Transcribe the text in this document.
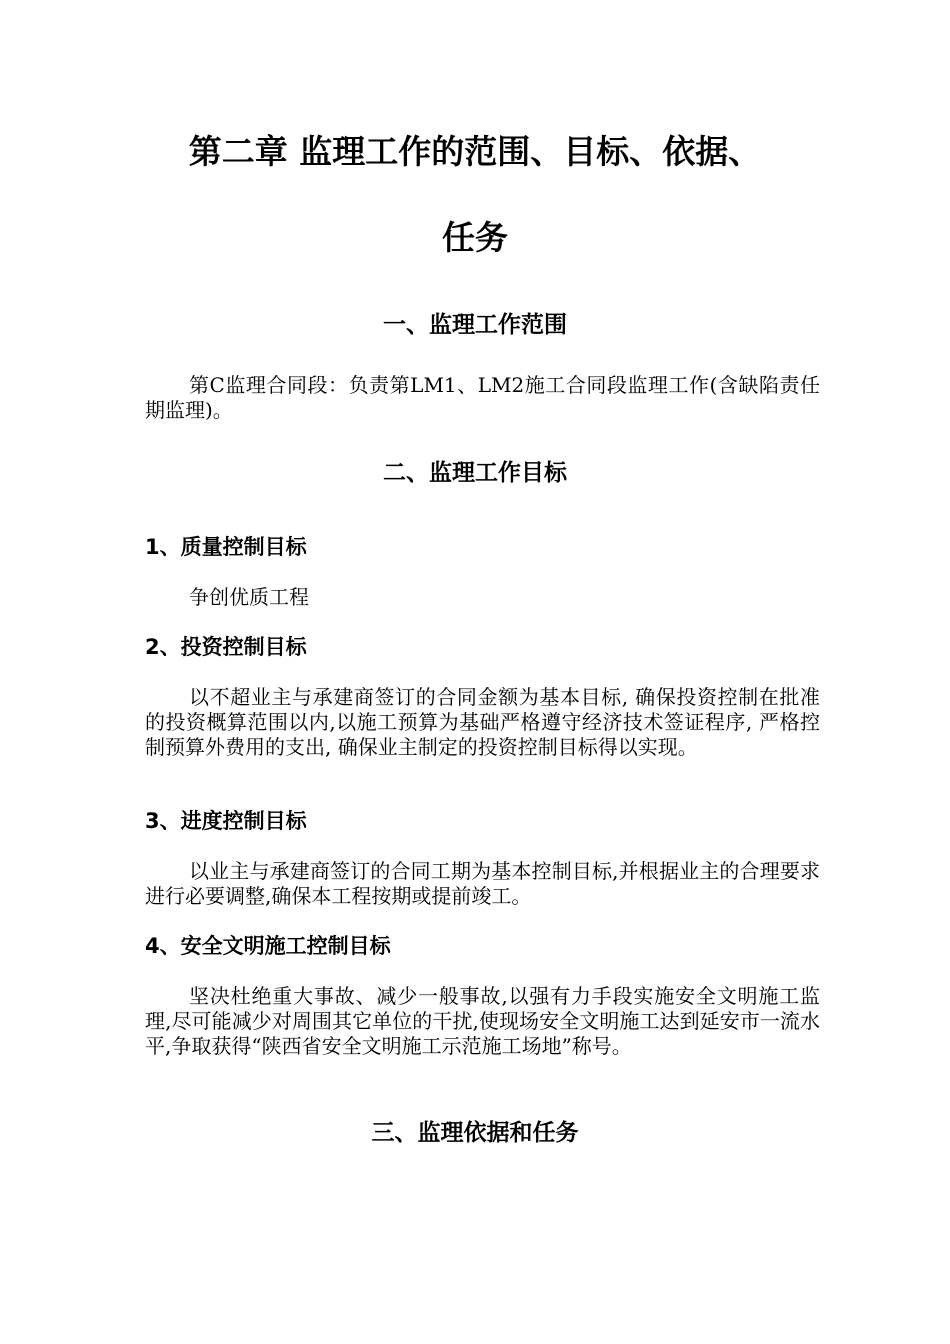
第二章 监理工作的范围、目标、依据、
任务
一、监理工作范围

第C监理合同段：负责第LM1、LM2施工合同段监理工作(含缺陷责任期监理)。

二、监理工作目标
1、质量控制目标

争创优质工程

2、投资控制目标

以不超业主与承建商签订的合同金额为基本目标, 确保投资控制在批准的投资概算范围以内,以施工预算为基础严格遵守经济技术签证程序, 严格控制预算外费用的支出, 确保业主制定的投资控制目标得以实现。

3、进度控制目标

以业主与承建商签订的合同工期为基本控制目标,并根据业主的合理要求进行必要调整,确保本工程按期或提前竣工。

4、安全文明施工控制目标

坚决杜绝重大事故、减少一般事故,以强有力手段实施安全文明施工监理,尽可能减少对周围其它单位的干扰,使现场安全文明施工达到延安市一流水平,争取获得“陕西省安全文明施工示范施工场地”称号。

三、监理依据和任务
